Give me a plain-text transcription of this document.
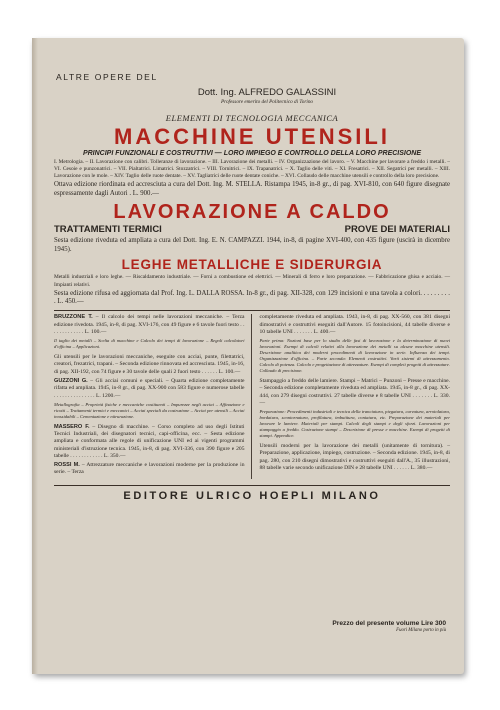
ALTRE OPERE DEL
Dott. Ing. ALFREDO GALASSINI
Professore emerito del Politecnico di Torino
ELEMENTI DI TECNOLOGIA MECCANICA
MACCHINE UTENSILI
PRINCIPI FUNZIONALI E COSTRUTTIVI — LORO IMPIEGO E CONTROLLO DELLA LORO PRECISIONE
I. Metrologia. – II. Lavorazione con calibri. Tolleranze di lavorazione. – III. Lavorazione dei metalli. – IV. Organizzazione del lavoro. – V. Macchine per lavorare a freddo i metalli. – VI. Cesoie e punzonatrici. – VII. Pialtatrici. Limatrici. Stozzatrici. – VIII. Tornitrici. – IX. Trapanatrici. – X. Taglio delle viti. – XI. Fresatrici. – XII. Segatrici per metalli. – XIII. Lavorazione con le mole. – XIV. Taglio delle ruote dentate. – XV. Tagliatrici delle ruote dentate coniche. – XVI. Collaudo delle macchine utensili e controllo della loro precisione.
Ottava edizione riordinata ed accresciuta a cura del Dott. Ing. M. STELLA. Ristampa 1945, in-8 gr., di pag. XVI-810, con 640 figure disegnate espressamente dagli Autori . L. 900.—
LAVORAZIONE A CALDO
TRATTAMENTI TERMICI	PROVE DEI MATERIALI
Sesta edizione riveduta ed ampliata a cura del Dott. Ing. E. N. CAMPAZZI. 1944, in-8, di pagine XVI-400, con 435 figure (uscirà in dicembre 1945).
LEGHE METALLICHE E SIDERURGIA
Metalli industriali e loro leghe. — Riscaldamento industriale. — Forni a combustione ed elettrici. — Minerali di ferro e loro preparazione. — Fabbricazione ghisa e acciaio. — Impianti relativi.
Sesta edizione rifusa ed aggiornata dal Prof. Ing. L. DALLA ROSSA. In-8 gr., di pag. XII-328, con 129 incisioni e una tavola a colori. . . . . . . . . . L. 450.—
BRUZZONE T. – Il calcolo dei tempi nelle lavorazioni meccaniche. – Terza edizione rivedota. 1945, in-8, di pag. XVI-176, con 49 figure e 6 tavole fuori testo . . . . . . . . . . . . . L. 100.—
Il taglio dei metalli – Scelta di macchine e Calcolo dei tempi di lavorazione – Regoli calcolatori d'officina – Applicazioni.
Gli utensili per le lavorazioni meccaniche, eseguite con acciai, punte, filettatrici, creatori, frezatrici, trapani. – Seconda edizione rinnovata ed accresciuta. 1945, in-16, di pag. XII-192, con 74 figure e 30 tavole delle quali 2 fuori testo . . . . . . L. 100.—
GUZZONI G. – Gli acciai comuni e speciali. – Quarta edizione completamente rifatta ed ampliata. 1945, in-8 gr., di pag. XX-900 con 583 figure e numerose tabelle . . . . . . . . . . . . . . . L. 1200.—
Metallografia – Proprietà fisiche e meccaniche costituenti – Impurezze negli acciai – Affinazione e ricotti – Trattamenti termici e meccanici – Acciai speciali da costruzione – Acciai per utensili – Acciai inossidabili – Cementazione e nitrurazione.
MASSERO F. – Disegno di macchine. – Corso completo ad uso degli Istituti Tecnici Industriali, dei disegnatori tecnici, capi-officina, ecc. – Sesta edizione ampliata e conformata alle regole di unificazione UNI ed ai vigenti programmi ministeriali d'istruzione tecnica. 1945, in-8, di pag. XVI-336, con 390 figure e 205 tabelle . . . . . . . . . . . . L. 350.—
ROSSI M. – Attrezzature meccaniche e lavorazioni moderne per la produzione in serie. – Terza
completamente riveduta ed ampliata. 1943, in-8, di pag. XX-560, con 381 disegni dimostrativi e costruttivi eseguiti dall'Autore. 15 fotoincisioni, 44 tabelle diverse e 10 tabelle UNI . . . . . . . L. 400.—
Parte prima: Nozioni base per lo studio delle fasi di lavorazione e la determinazione di nuovi lavorazioni. Esempi di calcoli relativi alla lavorazione dei metalli su alcune macchine utensili. Descrizione analitica dei moderni procedimenti di lavorazione in serie. Influenza dei tempi. Organizzazione d'officina. – Parte seconda: Elementi costruttivi. Varii sistemi di attrezzamento. Calcolo di potenza. Calcolo e progettazione di attrezzature. Esempi di completi progetti di attrezzature. Collaudo di precisione.
Stampaggio a freddo delle lamiere. Stampi – Matrici – Punzoni – Presse e macchine. – Seconda edizione completamente riveduta ed ampliata. 1945, in-8 gr., di pag. XX-444, con 279 disegni costruttivi. 27 tabelle diverse e 8 tabelle UNI . . . . . . . L. 330.—
Preparazione: Procedimenti industriali e tecnica della tranciatura, piegatura, curvatura, arrotolatura, bordatura, scontornatura, profilatura, imbutitura, coniatura, etc. Preparazione dei materiali per lavorare le lamiere. Materiali per stampi. Calcoli degli stampi e degli sforzi. Lavorazioni per stampaggio a freddo. Costruzione stampi – Descrizione di presse e macchine. Esempi di progetti di stampi. Appendice.
Utensili moderni per la lavorazione dei metalli (unitamente di tornitura). – Preparazione, applicazione, impiego, costruzione. – Seconda edizione. 1945, in-8, di pag. 280, con 210 disegni dimostrativi e costruttivi eseguiti dall'A., 35 illustrazioni, 88 tabelle varie secondo unificazione DIN e 28 tabelle UNI . . . . . . L. 380.—
EDITORE ULRICO HOEPLI MILANO
Prezzo del presente volume Lire 300
Fuori Milano porto in più
